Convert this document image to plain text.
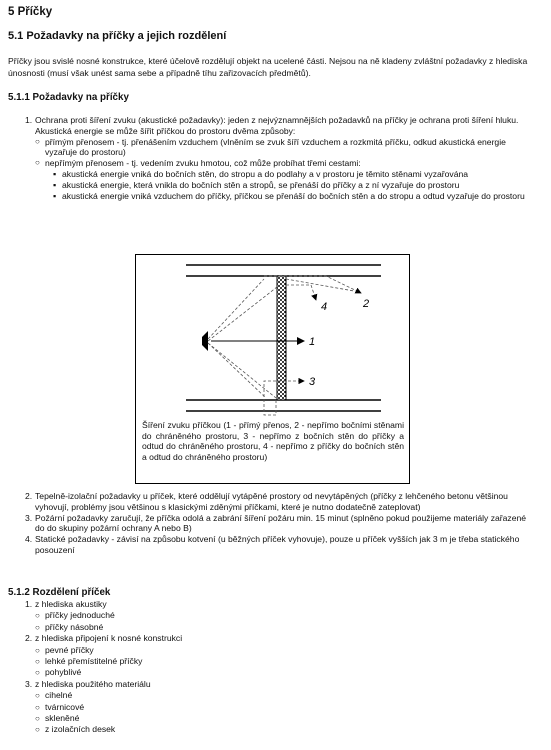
5 Příčky
5.1 Požadavky na příčky a jejich rozdělení

Příčky jsou svislé nosné konstrukce, které účelově rozdělují objekt na ucelené části. Nejsou na ně kladeny zvláštní požadavky z hlediska únosnosti (musí však unést sama sebe a případně tíhu zařizovacích předmětů).

5.1.1 Požadavky na příčky
1. Ochrana proti šíření zvuku (akustické požadavky): jeden z nejvýznamnějších požadavků na příčky je ochrana proti šíření hluku. Akustická energie se může šířit příčkou do prostoru dvěma způsoby:
○ přímým přenosem - tj. přenášením vzduchem (vlněním se zvuk šíří vzduchem a rozkmitá příčku, odkud akustická energie vyzařuje do prostoru)
○ nepřímým přenosem - tj. vedením zvuku hmotou, což může probíhat třemi cestami:
▪ akustická energie vniká do bočních stěn, do stropu a do podlahy a v prostoru je těmito stěnami vyzařována
▪ akustická energie, která vnikla do bočních stěn a stropů, se přenáší do příčky a z ní vyzařuje do prostoru
▪ akustická energie vniká vzduchem do příčky, příčkou se přenáší do bočních stěn a do stropu a odtud vyzařuje do prostoru
4	2
1
3
Šíření zvuku příčkou (1 - přímý přenos, 2 - nepřímo bočními stěnami do chráněného prostoru, 3 - nepřímo z bočních stěn do příčky a odtud do chráněného prostoru, 4 - nepřímo z příčky do bočních stěn a odtud do chráněného prostoru)
2. Tepelně-izolační požadavky u příček, které oddělují vytápěné prostory od nevytápěných (příčky z lehčeného betonu většinou vyhovují, problémy jsou většinou s klasickými zděnými příčkami, které je nutno dodatečně zateplovat)
3. Požární požadavky zaručují, že příčka odolá a zabrání šíření požáru min. 15 minut (splněno pokud použijeme materiály zařazené do do skupiny požární ochrany A nebo B)
4. Statické požadavky - závisí na způsobu kotvení (u běžných příček vyhovuje), pouze u příček vyšších jak 3 m je třeba statického posouzení
5.1.2 Rozdělení příček
1. z hlediska akustiky
○ příčky jednoduché
○ příčky násobné
2. z hlediska připojení k nosné konstrukci
○ pevné příčky
○ lehké přemístitelné příčky
○ pohyblivé
3. z hlediska použitého materiálu
○ cihelné
○ tvárnicové
○ skleněné
○ z izolačních desek
